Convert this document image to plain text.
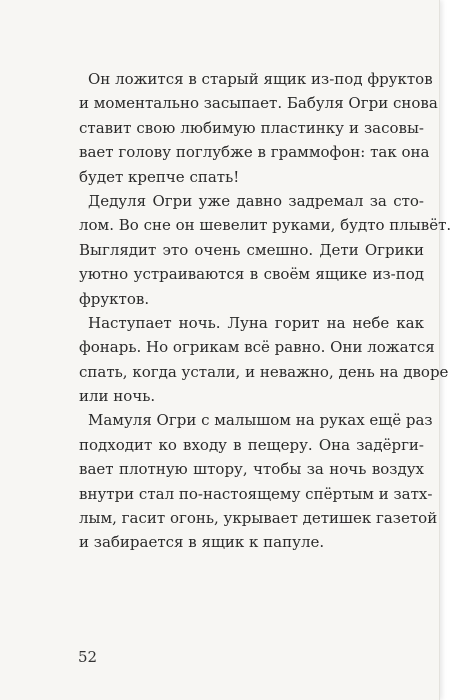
Он ложится в старый ящик из-под фруктов
и моментально засыпает. Бабуля Огри снова
ставит свою любимую пластинку и засовы-
вает голову поглубже в граммофон: так она
будет крепче спать!

Дедуля Огри уже давно задремал за сто-
лом. Во сне он шевелит руками, будто плывёт.
Выглядит это очень смешно. Дети Огрики
уютно устраиваются в своём ящике из-под
фруктов.

Наступает ночь. Луна горит на небе как
фонарь. Но огрикам всё равно. Они ложатся
спать, когда устали, и неважно, день на дворе
или ночь.

Мамуля Огри с малышом на руках ещё раз
подходит ко входу в пещеру. Она задёрги-
вает плотную штору, чтобы за ночь воздух
внутри стал по-настоящему спёртым и затх-
лым, гасит огонь, укрывает детишек газетой
и забирается в ящик к папуле.

52
